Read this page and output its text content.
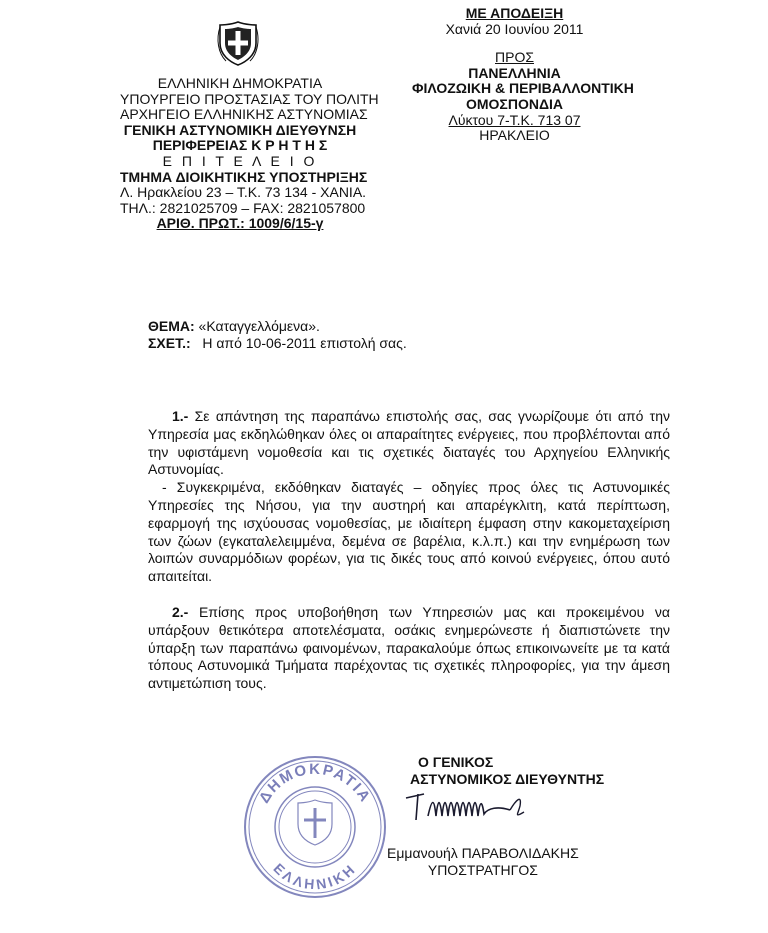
ΕΛΛΗΝΙΚΗ ΔΗΜΟΚΡΑΤΙΑ
ΥΠΟΥΡΓΕΙΟ ΠΡΟΣΤΑΣΙΑΣ ΤΟΥ ΠΟΛΙΤΗ
ΑΡΧΗΓΕΙΟ ΕΛΛΗΝΙΚΗΣ ΑΣΤΥΝΟΜΙΑΣ
ΓΕΝΙΚΗ ΑΣΤΥΝΟΜΙΚΗ ΔΙΕΥΘΥΝΣΗ
ΠΕΡΙΦΕΡΕΙΑΣ Κ Ρ Η Τ Η Σ
Ε Π Ι Τ Ε Λ Ε Ι Ο
ΤΜΗΜΑ ΔΙΟΙΚΗΤΙΚΗΣ ΥΠΟΣΤΗΡΙΞΗΣ
Λ. Ηρακλείου 23 – Τ.Κ. 73 134 - ΧΑΝΙΑ.
ΤΗΛ.: 2821025709 – FAX: 2821057800
ΑΡΙΘ. ΠΡΩΤ.: 1009/6/15-γ
ΜΕ ΑΠΟΔΕΙΞΗ
Χανιά 20 Ιουνίου 2011
ΠΡΟΣ
ΠΑΝΕΛΛΗΝΙΑ
ΦΙΛΟΖΩΙΚΗ & ΠΕΡΙΒΑΛΛΟΝΤΙΚΗ
ΟΜΟΣΠΟΝΔΙΑ
Λύκτου 7-Τ.Κ. 713 07
ΗΡΑΚΛΕΙΟ
ΘΕΜΑ: «Καταγγελλόμενα».
ΣΧΕΤ.:   Η από 10-06-2011 επιστολή σας.

1.- Σε απάντηση της παραπάνω επιστολής σας, σας γνωρίζουμε ότι από την Υπηρεσία μας εκδηλώθηκαν όλες οι απαραίτητες ενέργειες, που προβλέπονται από την υφιστάμενη νομοθεσία και τις σχετικές διαταγές του Αρχηγείου Ελληνικής Αστυνομίας.

- Συγκεκριμένα, εκδόθηκαν διαταγές – οδηγίες προς όλες τις Αστυνομικές Υπηρεσίες της Νήσου, για την αυστηρή και απαρέγκλιτη, κατά περίπτωση, εφαρμογή της ισχύουσας νομοθεσίας, με ιδιαίτερη έμφαση στην κακομεταχείριση των ζώων (εγκαταλελειμμένα, δεμένα σε βαρέλια, κ.λ.π.) και την ενημέρωση των λοιπών συναρμόδιων φορέων, για τις δικές τους από κοινού ενέργειες, όπου αυτό απαιτείται.

2.- Επίσης προς υποβοήθηση των Υπηρεσιών μας και προκειμένου να υπάρξουν θετικότερα αποτελέσματα, οσάκις ενημερώνεστε ή διαπιστώνετε την ύπαρξη των παραπάνω φαινομένων, παρακαλούμε όπως επικοινωνείτε με τα κατά τόπους Αστυνομικά Τμήματα παρέχοντας τις σχετικές πληροφορίες, για την άμεση αντιμετώπιση τους.

ΔΗΜΟΚΡΑΤΙΑ
ΕΛΛΗΝΙΚΗ
Ο ΓΕΝΙΚΟΣ
ΑΣΤΥΝΟΜΙΚΟΣ ΔΙΕΥΘΥΝΤΗΣ
Εμμανουήλ ΠΑΡΑΒΟΛΙΔΑΚΗΣ
ΥΠΟΣΤΡΑΤΗΓΟΣ
